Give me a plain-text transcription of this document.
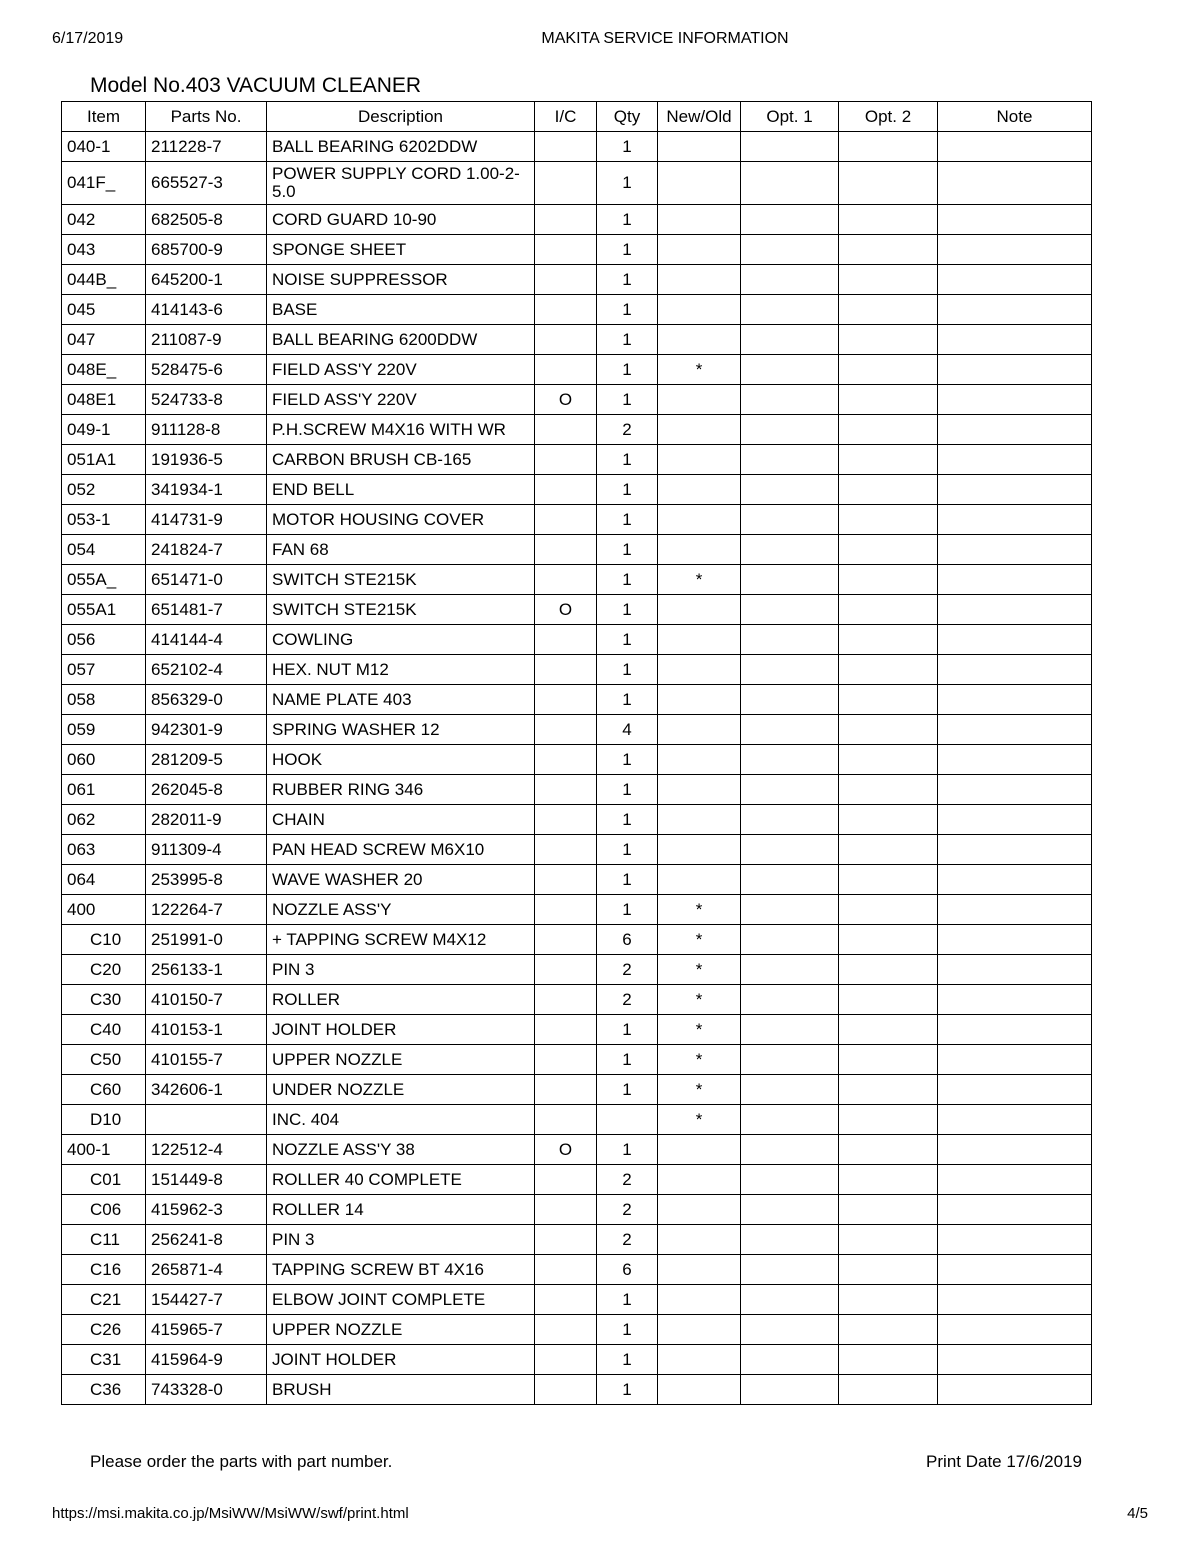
6/17/2019	MAKITA SERVICE INFORMATION
Model No.403 VACUUM CLEANER
Item	Parts No.	Description	I/C	Qty	New/Old	Opt. 1	Opt. 2	Note
040-1	211228-7	BALL BEARING 6202DDW		1				
041F_	665527-3	POWER SUPPLY CORD 1.00-2-5.0		1				
042	682505-8	CORD GUARD 10-90		1				
043	685700-9	SPONGE SHEET		1				
044B_	645200-1	NOISE SUPPRESSOR		1				
045	414143-6	BASE		1				
047	211087-9	BALL BEARING 6200DDW		1				
048E_	528475-6	FIELD ASS'Y 220V		1	*			
048E1	524733-8	FIELD ASS'Y 220V	O	1				
049-1	911128-8	P.H.SCREW M4X16 WITH WR		2				
051A1	191936-5	CARBON BRUSH CB-165		1				
052	341934-1	END BELL		1				
053-1	414731-9	MOTOR HOUSING COVER		1				
054	241824-7	FAN 68		1				
055A_	651471-0	SWITCH STE215K		1	*			
055A1	651481-7	SWITCH STE215K	O	1				
056	414144-4	COWLING		1				
057	652102-4	HEX. NUT M12		1				
058	856329-0	NAME PLATE 403		1				
059	942301-9	SPRING WASHER 12		4				
060	281209-5	HOOK		1				
061	262045-8	RUBBER RING 346		1				
062	282011-9	CHAIN		1				
063	911309-4	PAN HEAD SCREW M6X10		1				
064	253995-8	WAVE WASHER 20		1				
400	122264-7	NOZZLE ASS'Y		1	*			
C10	251991-0	+ TAPPING SCREW M4X12		6	*			
C20	256133-1	PIN 3		2	*			
C30	410150-7	ROLLER		2	*			
C40	410153-1	JOINT HOLDER		1	*			
C50	410155-7	UPPER NOZZLE		1	*			
C60	342606-1	UNDER NOZZLE		1	*			
D10		INC. 404			*			
400-1	122512-4	NOZZLE ASS'Y 38	O	1				
C01	151449-8	ROLLER 40 COMPLETE		2				
C06	415962-3	ROLLER 14		2				
C11	256241-8	PIN 3		2				
C16	265871-4	TAPPING SCREW BT 4X16		6				
C21	154427-7	ELBOW JOINT COMPLETE		1				
C26	415965-7	UPPER NOZZLE		1				
C31	415964-9	JOINT HOLDER		1				
C36	743328-0	BRUSH		1				
Please order the parts with part number.	Print Date 17/6/2019
https://msi.makita.co.jp/MsiWW/MsiWW/swf/print.html	4/5
